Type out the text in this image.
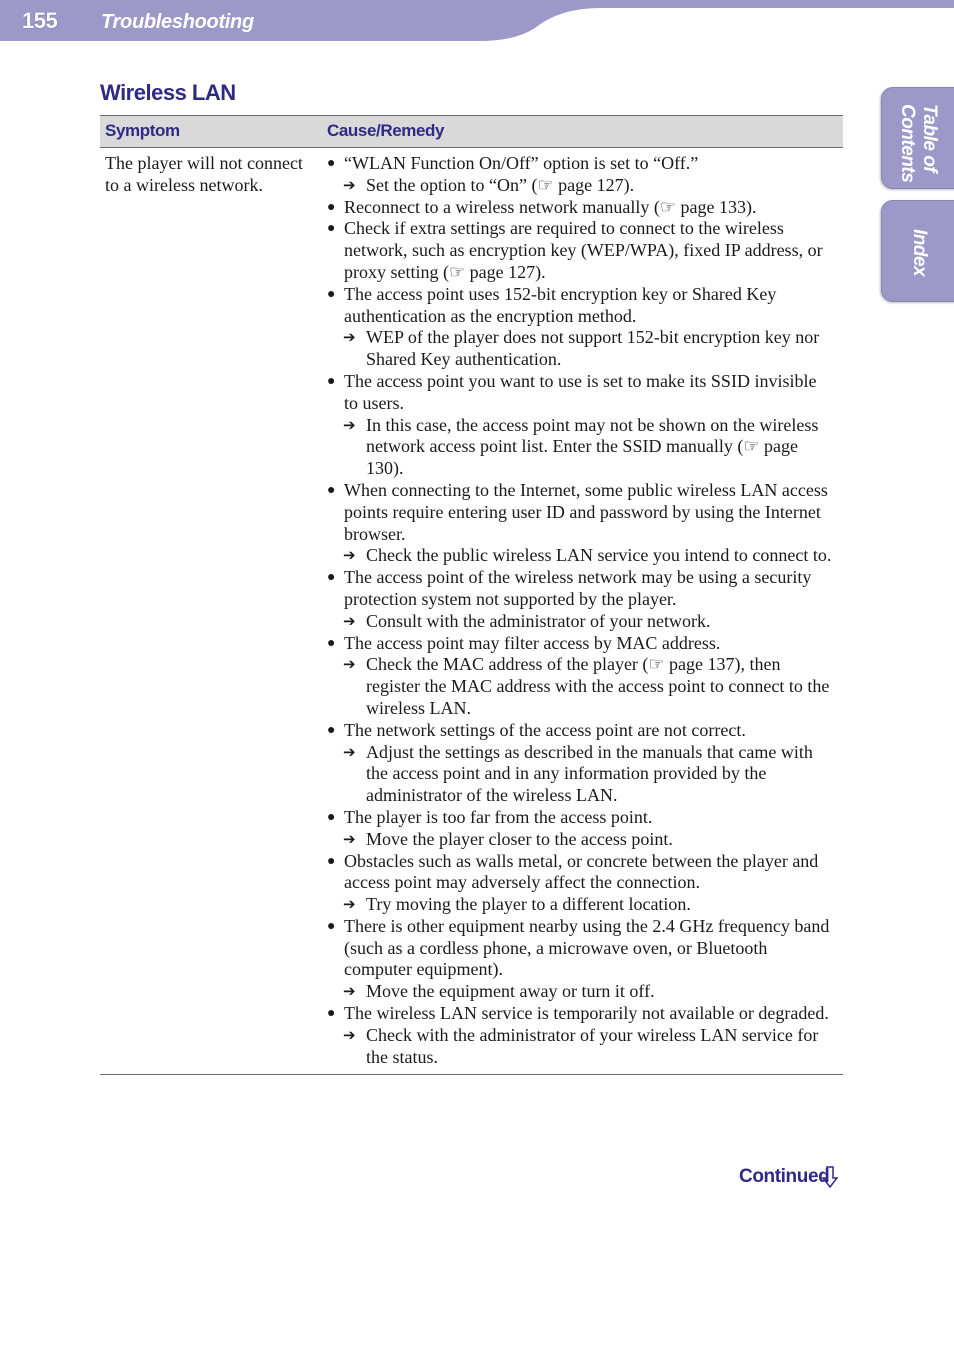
155 Troubleshooting
Table of
Contents
Index
Wireless LAN
Symptom	Cause/Remedy
The player will not connect to a wireless network.
● “WLAN Function On/Off” option is set to “Off.”
➔ Set the option to “On” (☞ page 127).
● Reconnect to a wireless network manually (☞ page 133).
● Check if extra settings are required to connect to the wireless network, such as encryption key (WEP/WPA), fixed IP address, or proxy setting (☞ page 127).
● The access point uses 152-bit encryption key or Shared Key authentication as the encryption method.
➔ WEP of the player does not support 152-bit encryption key nor Shared Key authentication.
● The access point you want to use is set to make its SSID invisible to users.
➔ In this case, the access point may not be shown on the wireless network access point list. Enter the SSID manually (☞ page 130).
● When connecting to the Internet, some public wireless LAN access points require entering user ID and password by using the Internet browser.
➔ Check the public wireless LAN service you intend to connect to.
● The access point of the wireless network may be using a security protection system not supported by the player.
➔ Consult with the administrator of your network.
● The access point may filter access by MAC address.
➔ Check the MAC address of the player (☞ page 137), then register the MAC address with the access point to connect to the wireless LAN.
● The network settings of the access point are not correct.
➔ Adjust the settings as described in the manuals that came with the access point and in any information provided by the administrator of the wireless LAN.
● The player is too far from the access point.
➔ Move the player closer to the access point.
● Obstacles such as walls metal, or concrete between the player and access point may adversely affect the connection.
➔ Try moving the player to a different location.
● There is other equipment nearby using the 2.4 GHz frequency band (such as a cordless phone, a microwave oven, or Bluetooth computer equipment).
➔ Move the equipment away or turn it off.
● The wireless LAN service is temporarily not available or degraded.
➔ Check with the administrator of your wireless LAN service for the status.
Continued
